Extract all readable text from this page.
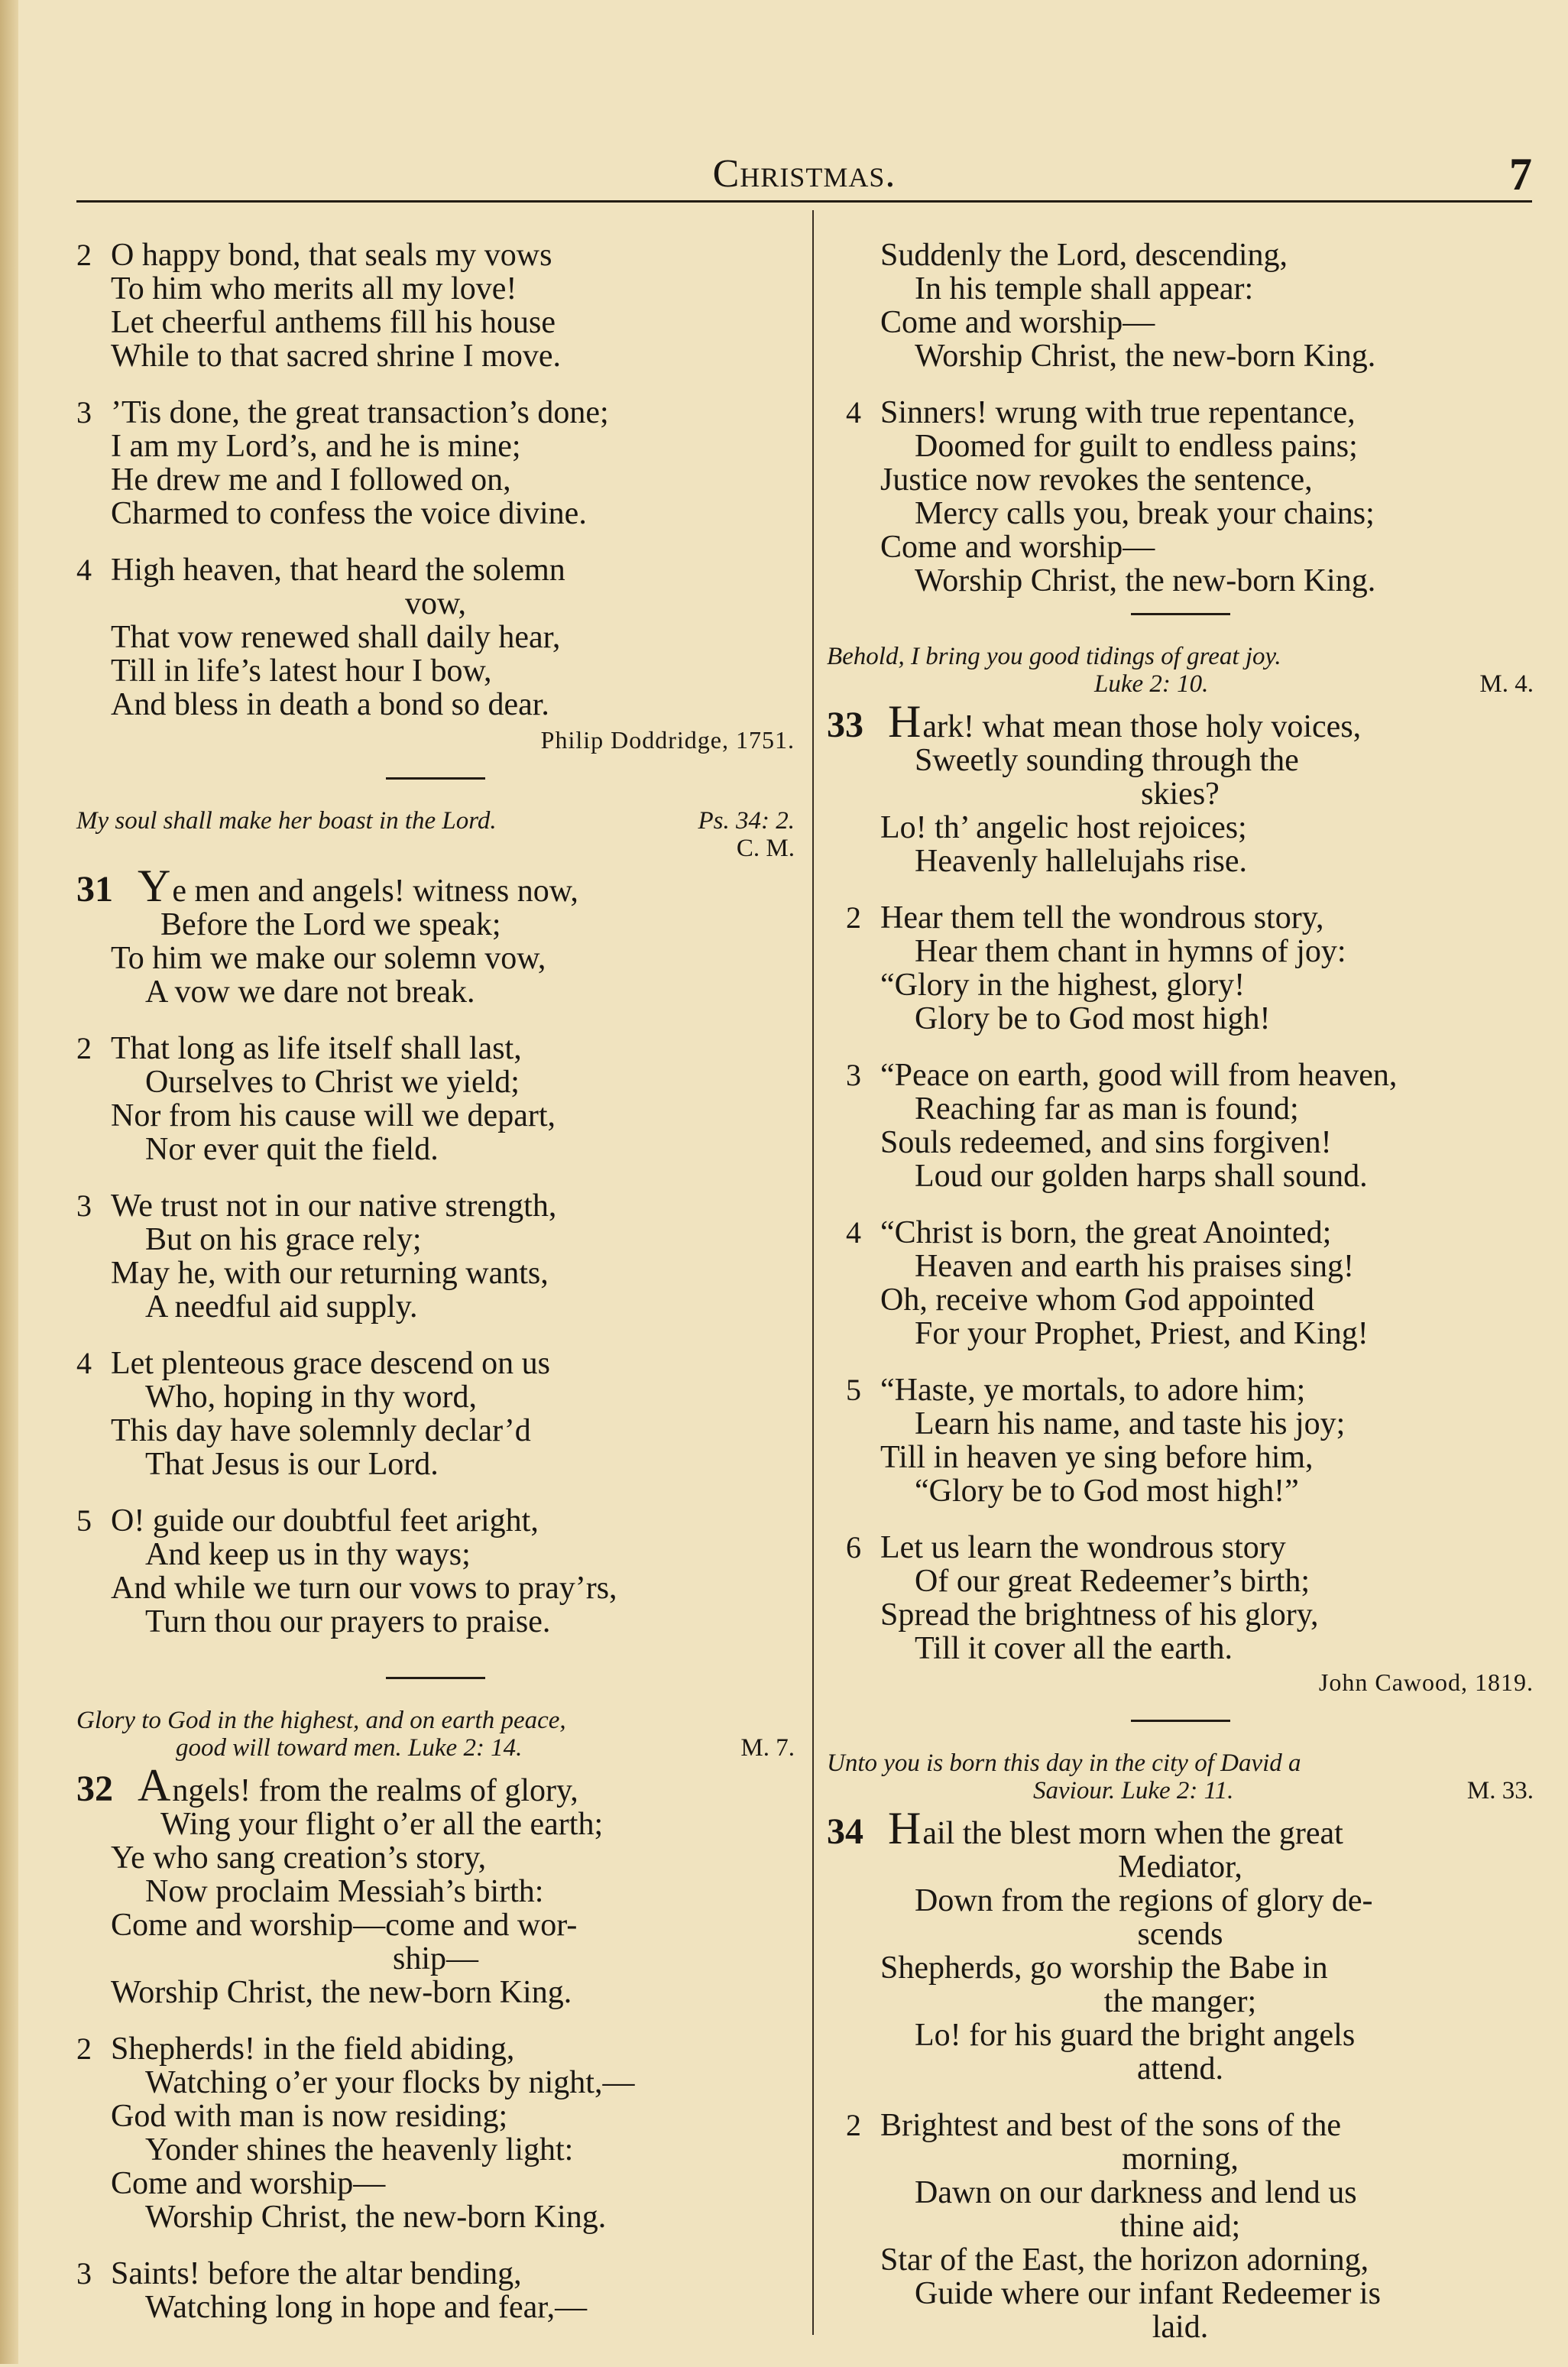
Christmas.	7
2 O happy bond, that seals my vows
To him who merits all my love!
Let cheerful anthems fill his house
While to that sacred shrine I move.
3 ’Tis done, the great transaction’s done;
I am my Lord’s, and he is mine;
He drew me and I followed on,
Charmed to confess the voice divine.
4 High heaven, that heard the solemn
vow,
That vow renewed shall daily hear,
Till in life’s latest hour I bow,
And bless in death a bond so dear.
Philip Doddridge, 1751.
My soul shall make her boast in the Lord.	Ps. 34: 2.
C. M.
31 Y e men and angels! witness now,
Before the Lord we speak;
To him we make our solemn vow,
A vow we dare not break.
2 That long as life itself shall last,
Ourselves to Christ we yield;
Nor from his cause will we depart,
Nor ever quit the field.
3 We trust not in our native strength,
But on his grace rely;
May he, with our returning wants,
A needful aid supply.
4 Let plenteous grace descend on us
Who, hoping in thy word,
This day have solemnly declar’d
That Jesus is our Lord.
5 O! guide our doubtful feet aright,
And keep us in thy ways;
And while we turn our vows to pray’rs,
Turn thou our prayers to praise.
Glory to God in the highest, and on earth peace,
good will toward men. Luke 2: 14.	M. 7.
32 A ngels! from the realms of glory,
Wing your flight o’er all the earth;
Ye who sang creation’s story,
Now proclaim Messiah’s birth:
Come and worship—come and wor-
ship—
Worship Christ, the new-born King.
2 Shepherds! in the field abiding,
Watching o’er your flocks by night,—
God with man is now residing;
Yonder shines the heavenly light:
Come and worship—
Worship Christ, the new-born King.
3 Saints! before the altar bending,
Watching long in hope and fear,—
Suddenly the Lord, descending,
In his temple shall appear:
Come and worship—
Worship Christ, the new-born King.
4 Sinners! wrung with true repentance,
Doomed for guilt to endless pains;
Justice now revokes the sentence,
Mercy calls you, break your chains;
Come and worship—
Worship Christ, the new-born King.
Behold, I bring you good tidings of great joy.
Luke 2: 10.	M. 4.
33 H ark! what mean those holy voices,
Sweetly sounding through the
skies?
Lo! th’ angelic host rejoices;
Heavenly hallelujahs rise.
2 Hear them tell the wondrous story,
Hear them chant in hymns of joy:
“Glory in the highest, glory!
Glory be to God most high!
3 “Peace on earth, good will from heaven,
Reaching far as man is found;
Souls redeemed, and sins forgiven!
Loud our golden harps shall sound.
4 “Christ is born, the great Anointed;
Heaven and earth his praises sing!
Oh, receive whom God appointed
For your Prophet, Priest, and King!
5 “Haste, ye mortals, to adore him;
Learn his name, and taste his joy;
Till in heaven ye sing before him,
“Glory be to God most high!”
6 Let us learn the wondrous story
Of our great Redeemer’s birth;
Spread the brightness of his glory,
Till it cover all the earth.
John Cawood, 1819.
Unto you is born this day in the city of David a
Saviour. Luke 2: 11.	M. 33.
34 H ail the blest morn when the great
Mediator,
Down from the regions of glory de-
scends
Shepherds, go worship the Babe in
the manger;
Lo! for his guard the bright angels
attend.
2 Brightest and best of the sons of the
morning,
Dawn on our darkness and lend us
thine aid;
Star of the East, the horizon adorning,
Guide where our infant Redeemer is
laid.
